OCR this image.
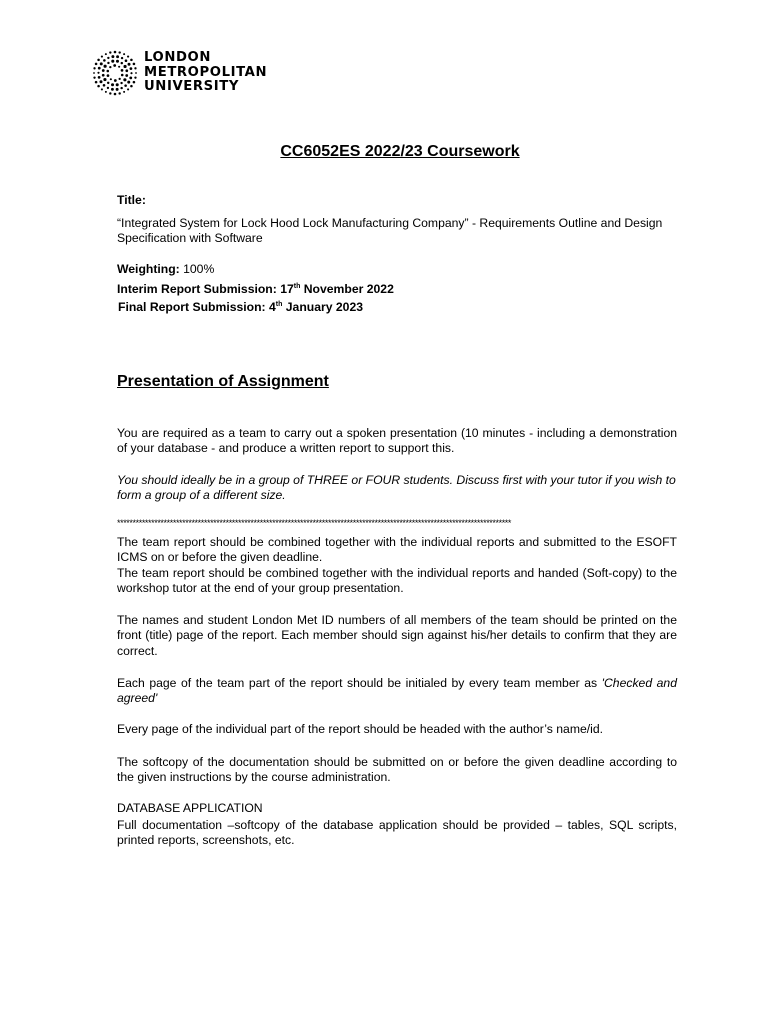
LONDON
METROPOLITAN
UNIVERSITY
CC6052ES 2022/23 Coursework
Title:
“Integrated System for Lock Hood Lock Manufacturing Company” - Requirements Outline and Design Specification with Software
Weighting: 100%
Interim Report Submission: 17th November 2022
Final Report Submission: 4th January 2023
Presentation of Assignment
You are required as a team to carry out a spoken presentation (10 minutes - including a demonstration of your database - and produce a written report to support this.
You should ideally be in a group of THREE or FOUR students. Discuss first with your tutor if you wish to form a group of a different size.
*******************************************************************************************************************************
The team report should be combined together with the individual reports and submitted to the ESOFT ICMS on or before the given deadline.
The team report should be combined together with the individual reports and handed (Soft-copy) to the workshop tutor at the end of your group presentation.
The names and student London Met ID numbers of all members of the team should be printed on the front (title) page of the report. Each member should sign against his/her details to confirm that they are correct.
Each page of the team part of the report should be initialed by every team member as 'Checked and agreed'
Every page of the individual part of the report should be headed with the author’s name/id.
The softcopy of the documentation should be submitted on or before the given deadline according to the given instructions by the course administration.
DATABASE APPLICATION
Full documentation –softcopy of the database application should be provided – tables, SQL scripts, printed reports, screenshots, etc.
